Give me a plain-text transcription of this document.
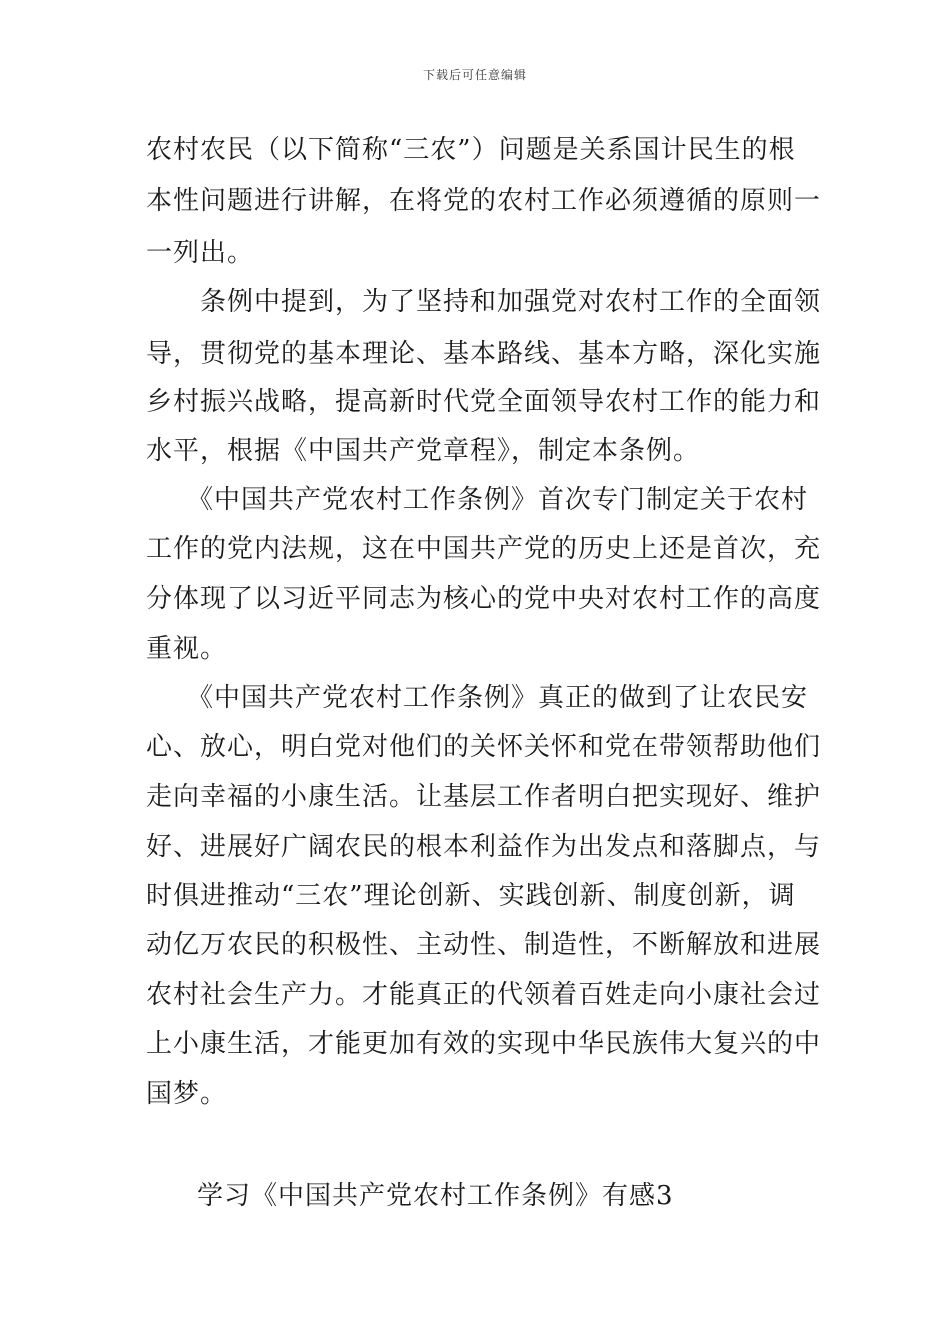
下载后可任意编辑
农村农民（以下简称“三农”）问题是关系国计民生的根
本性问题进行讲解，在将党的农村工作必须遵循的原则一
一列出。
　　条例中提到，为了坚持和加强党对农村工作的全面领
导，贯彻党的基本理论、基本路线、基本方略，深化实施
乡村振兴战略，提高新时代党全面领导农村工作的能力和
水平，根据《中国共产党章程》，制定本条例。
　　《中国共产党农村工作条例》首次专门制定关于农村
工作的党内法规，这在中国共产党的历史上还是首次，充
分体现了以习近平同志为核心的党中央对农村工作的高度
重视。
　　《中国共产党农村工作条例》真正的做到了让农民安
心、放心，明白党对他们的关怀关怀和党在带领帮助他们
走向幸福的小康生活。让基层工作者明白把实现好、维护
好、进展好广阔农民的根本利益作为出发点和落脚点，与
时俱进推动“三农”理论创新、实践创新、制度创新，调
动亿万农民的积极性、主动性、制造性，不断解放和进展
农村社会生产力。才能真正的代领着百姓走向小康社会过
上小康生活，才能更加有效的实现中华民族伟大复兴的中
国梦。
学习《中国共产党农村工作条例》有感3
